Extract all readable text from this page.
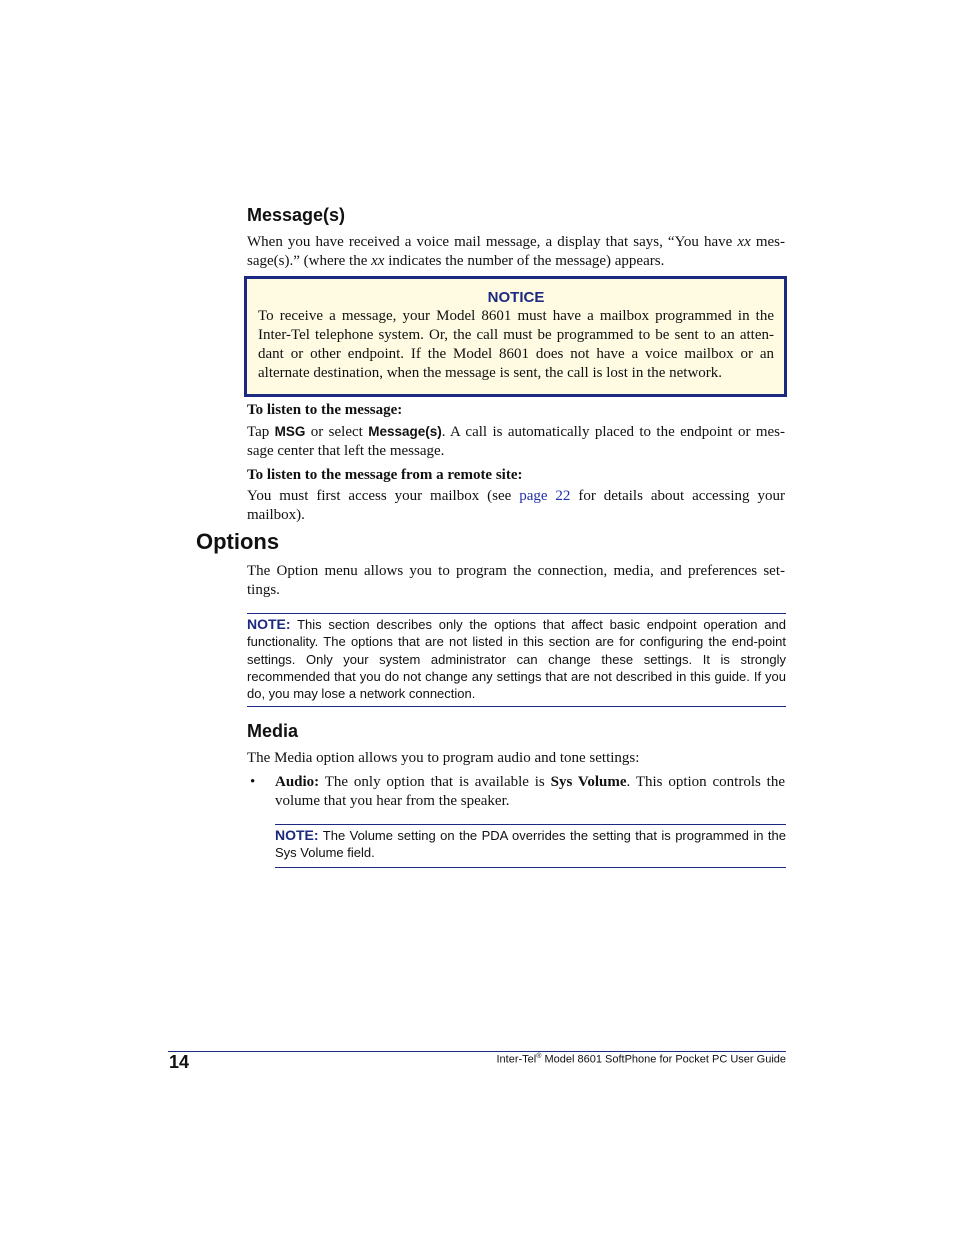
Message(s)
When you have received a voice mail message, a display that says, “You have xx mes-sage(s).” (where the xx indicates the number of the message) appears.
NOTICE
To receive a message, your Model 8601 must have a mailbox programmed in the Inter-Tel telephone system. Or, the call must be programmed to be sent to an atten-dant or other endpoint. If the Model 8601 does not have a voice mailbox or an alternate destination, when the message is sent, the call is lost in the network.
To listen to the message:
Tap MSG or select Message(s). A call is automatically placed to the endpoint or mes-sage center that left the message.
To listen to the message from a remote site:
You must first access your mailbox (see page 22 for details about accessing your mailbox).
Options
The Option menu allows you to program the connection, media, and preferences set-tings.
NOTE: This section describes only the options that affect basic endpoint operation and functionality. The options that are not listed in this section are for configuring the end-point settings. Only your system administrator can change these settings. It is strongly recommended that you do not change any settings that are not described in this guide. If you do, you may lose a network connection.
Media
The Media option allows you to program audio and tone settings:
• Audio: The only option that is available is Sys Volume. This option controls the volume that you hear from the speaker.
NOTE: The Volume setting on the PDA overrides the setting that is programmed in the Sys Volume field.
14	Inter-Tel® Model 8601 SoftPhone for Pocket PC User Guide
